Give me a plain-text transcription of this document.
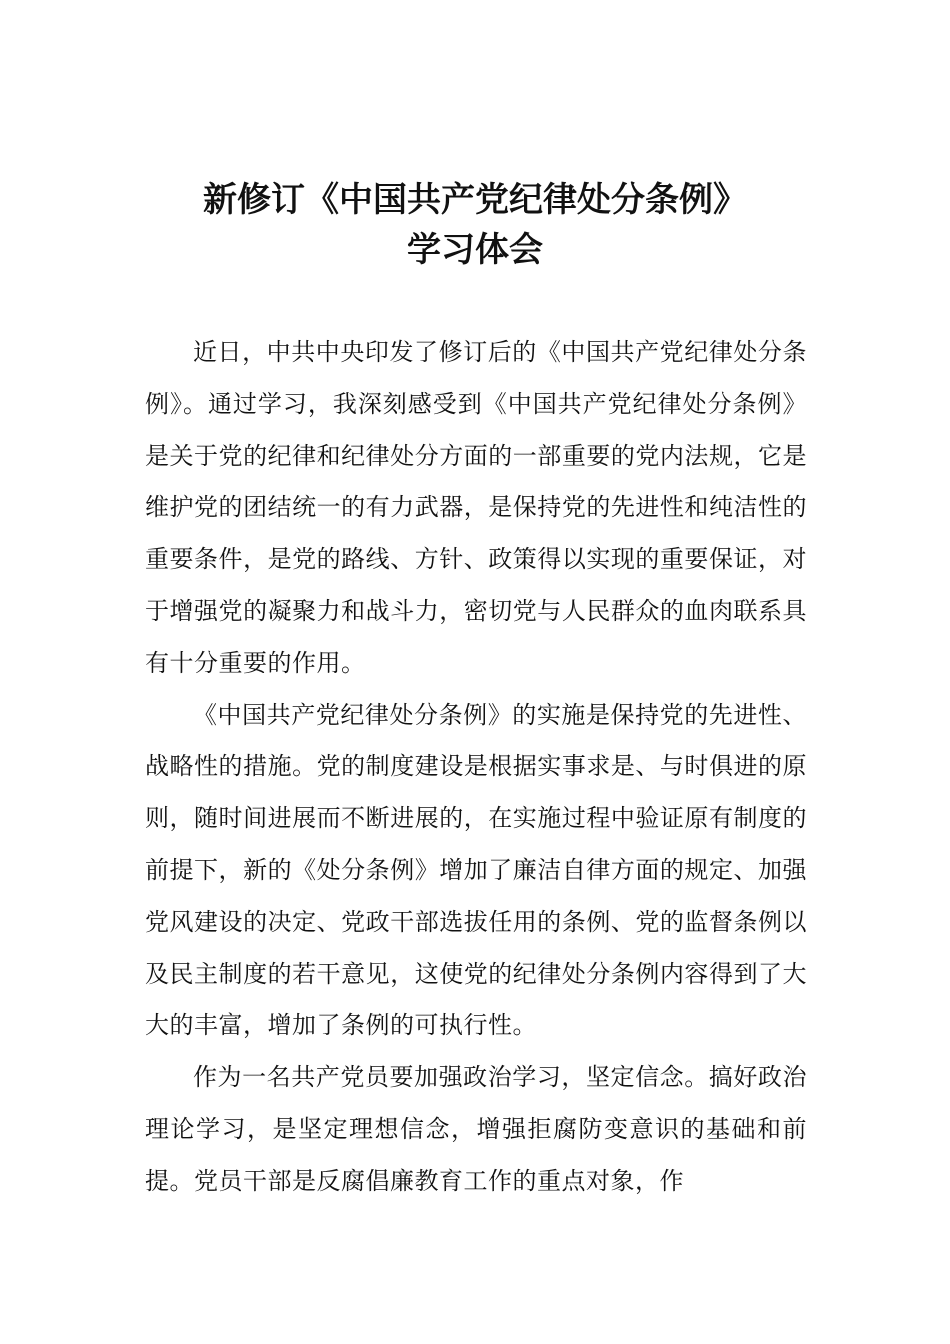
新修订《中国共产党纪律处分条例》
学习体会

近日，中共中央印发了修订后的《中国共产党纪律处分条例》。通过学习，我深刻感受到《中国共产党纪律处分条例》是关于党的纪律和纪律处分方面的一部重要的党内法规，它是维护党的团结统一的有力武器，是保持党的先进性和纯洁性的重要条件，是党的路线、方针、政策得以实现的重要保证，对于增强党的凝聚力和战斗力，密切党与人民群众的血肉联系具有十分重要的作用。

《中国共产党纪律处分条例》的实施是保持党的先进性、战略性的措施。党的制度建设是根据实事求是、与时俱进的原则，随时间进展而不断进展的，在实施过程中验证原有制度的前提下，新的《处分条例》增加了廉洁自律方面的规定、加强党风建设的决定、党政干部选拔任用的条例、党的监督条例以及民主制度的若干意见，这使党的纪律处分条例内容得到了大大的丰富，增加了条例的可执行性。

作为一名共产党员要加强政治学习，坚定信念。搞好政治理论学习，是坚定理想信念，增强拒腐防变意识的基础和前提。党员干部是反腐倡廉教育工作的重点对象，作
